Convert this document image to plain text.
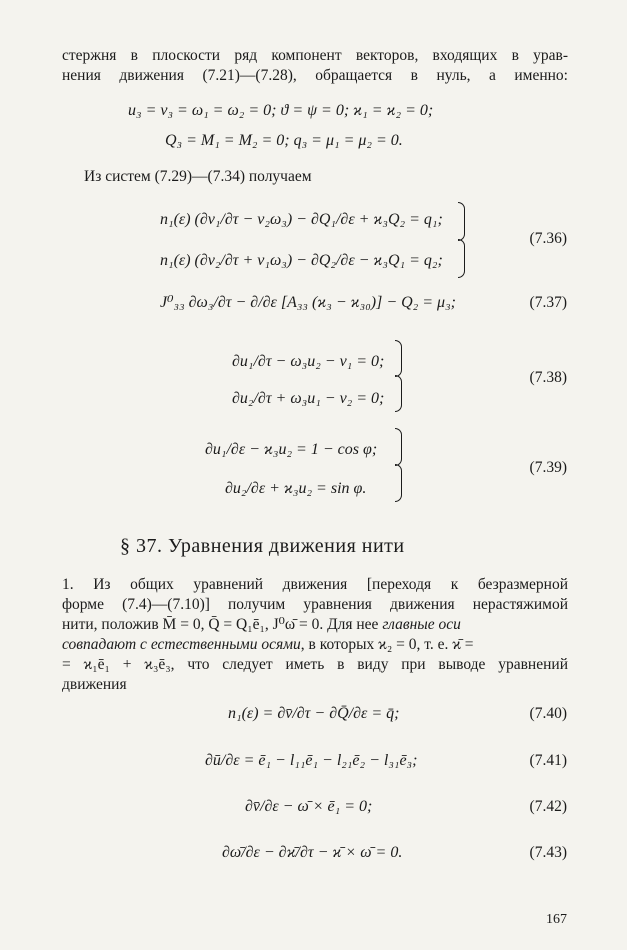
стержня в плоскости ряд компонент векторов, входящих в урав-
нения движения (7.21)—(7.28), обращается в нуль, а именно:
u₃ = v₃ = ω₁ = ω₂ = 0; ϑ = ψ = 0; ϰ₁ = ϰ₂ = 0;
Q₃ = M₁ = M₂ = 0; q₃ = μ₁ = μ₂ = 0.
Из систем (7.29)—(7.34) получаем
n₁(ε) (∂v₁/∂τ − v₂ω₃) − ∂Q₁/∂ε + ϰ₃Q₂ = q₁;
n₁(ε) (∂v₂/∂τ + v₁ω₃) − ∂Q₂/∂ε − ϰ₃Q₁ = q₂;
(7.36)
J⁰₃₃ ∂ω₃/∂τ − ∂/∂ε [A₃₃ (ϰ₃ − ϰ₃₀)] − Q₂ = μ₃;	(7.37)
∂u₁/∂τ − ω₃u₂ − v₁ = 0;
∂u₂/∂τ + ω₃u₁ − v₂ = 0;
(7.38)
∂u₁/∂ε − ϰ₃u₂ = 1 − cos φ;
∂u₂/∂ε + ϰ₃u₂ = sin φ.
(7.39)
§ 37. Уравнения движения нити
1. Из общих уравнений движения [переходя к безразмерной
форме (7.4)—(7.10)] получим уравнения движения нерастяжимой
нити, положив M̄ = 0, Q̄ = Q₁ē₁, J⁰ω̄ = 0. Для нее главные оси
совпадают с естественными осями, в которых ϰ₂ = 0, т. е. ϰ̄ =
= ϰ₁ē₁ + ϰ₃ē₃, что следует иметь в виду при выводе уравнений
движения
n₁(ε) = ∂v̄/∂τ − ∂Q̄/∂ε = q̄;	(7.40)
∂ū/∂ε = ē₁ − l₁₁ē₁ − l₂₁ē₂ − l₃₁ē₃;	(7.41)
∂v̄/∂ε − ω̄ × ē₁ = 0;	(7.42)
∂ω̄/∂ε − ∂ϰ̄/∂τ − ϰ̄ × ω̄ = 0.	(7.43)
167
